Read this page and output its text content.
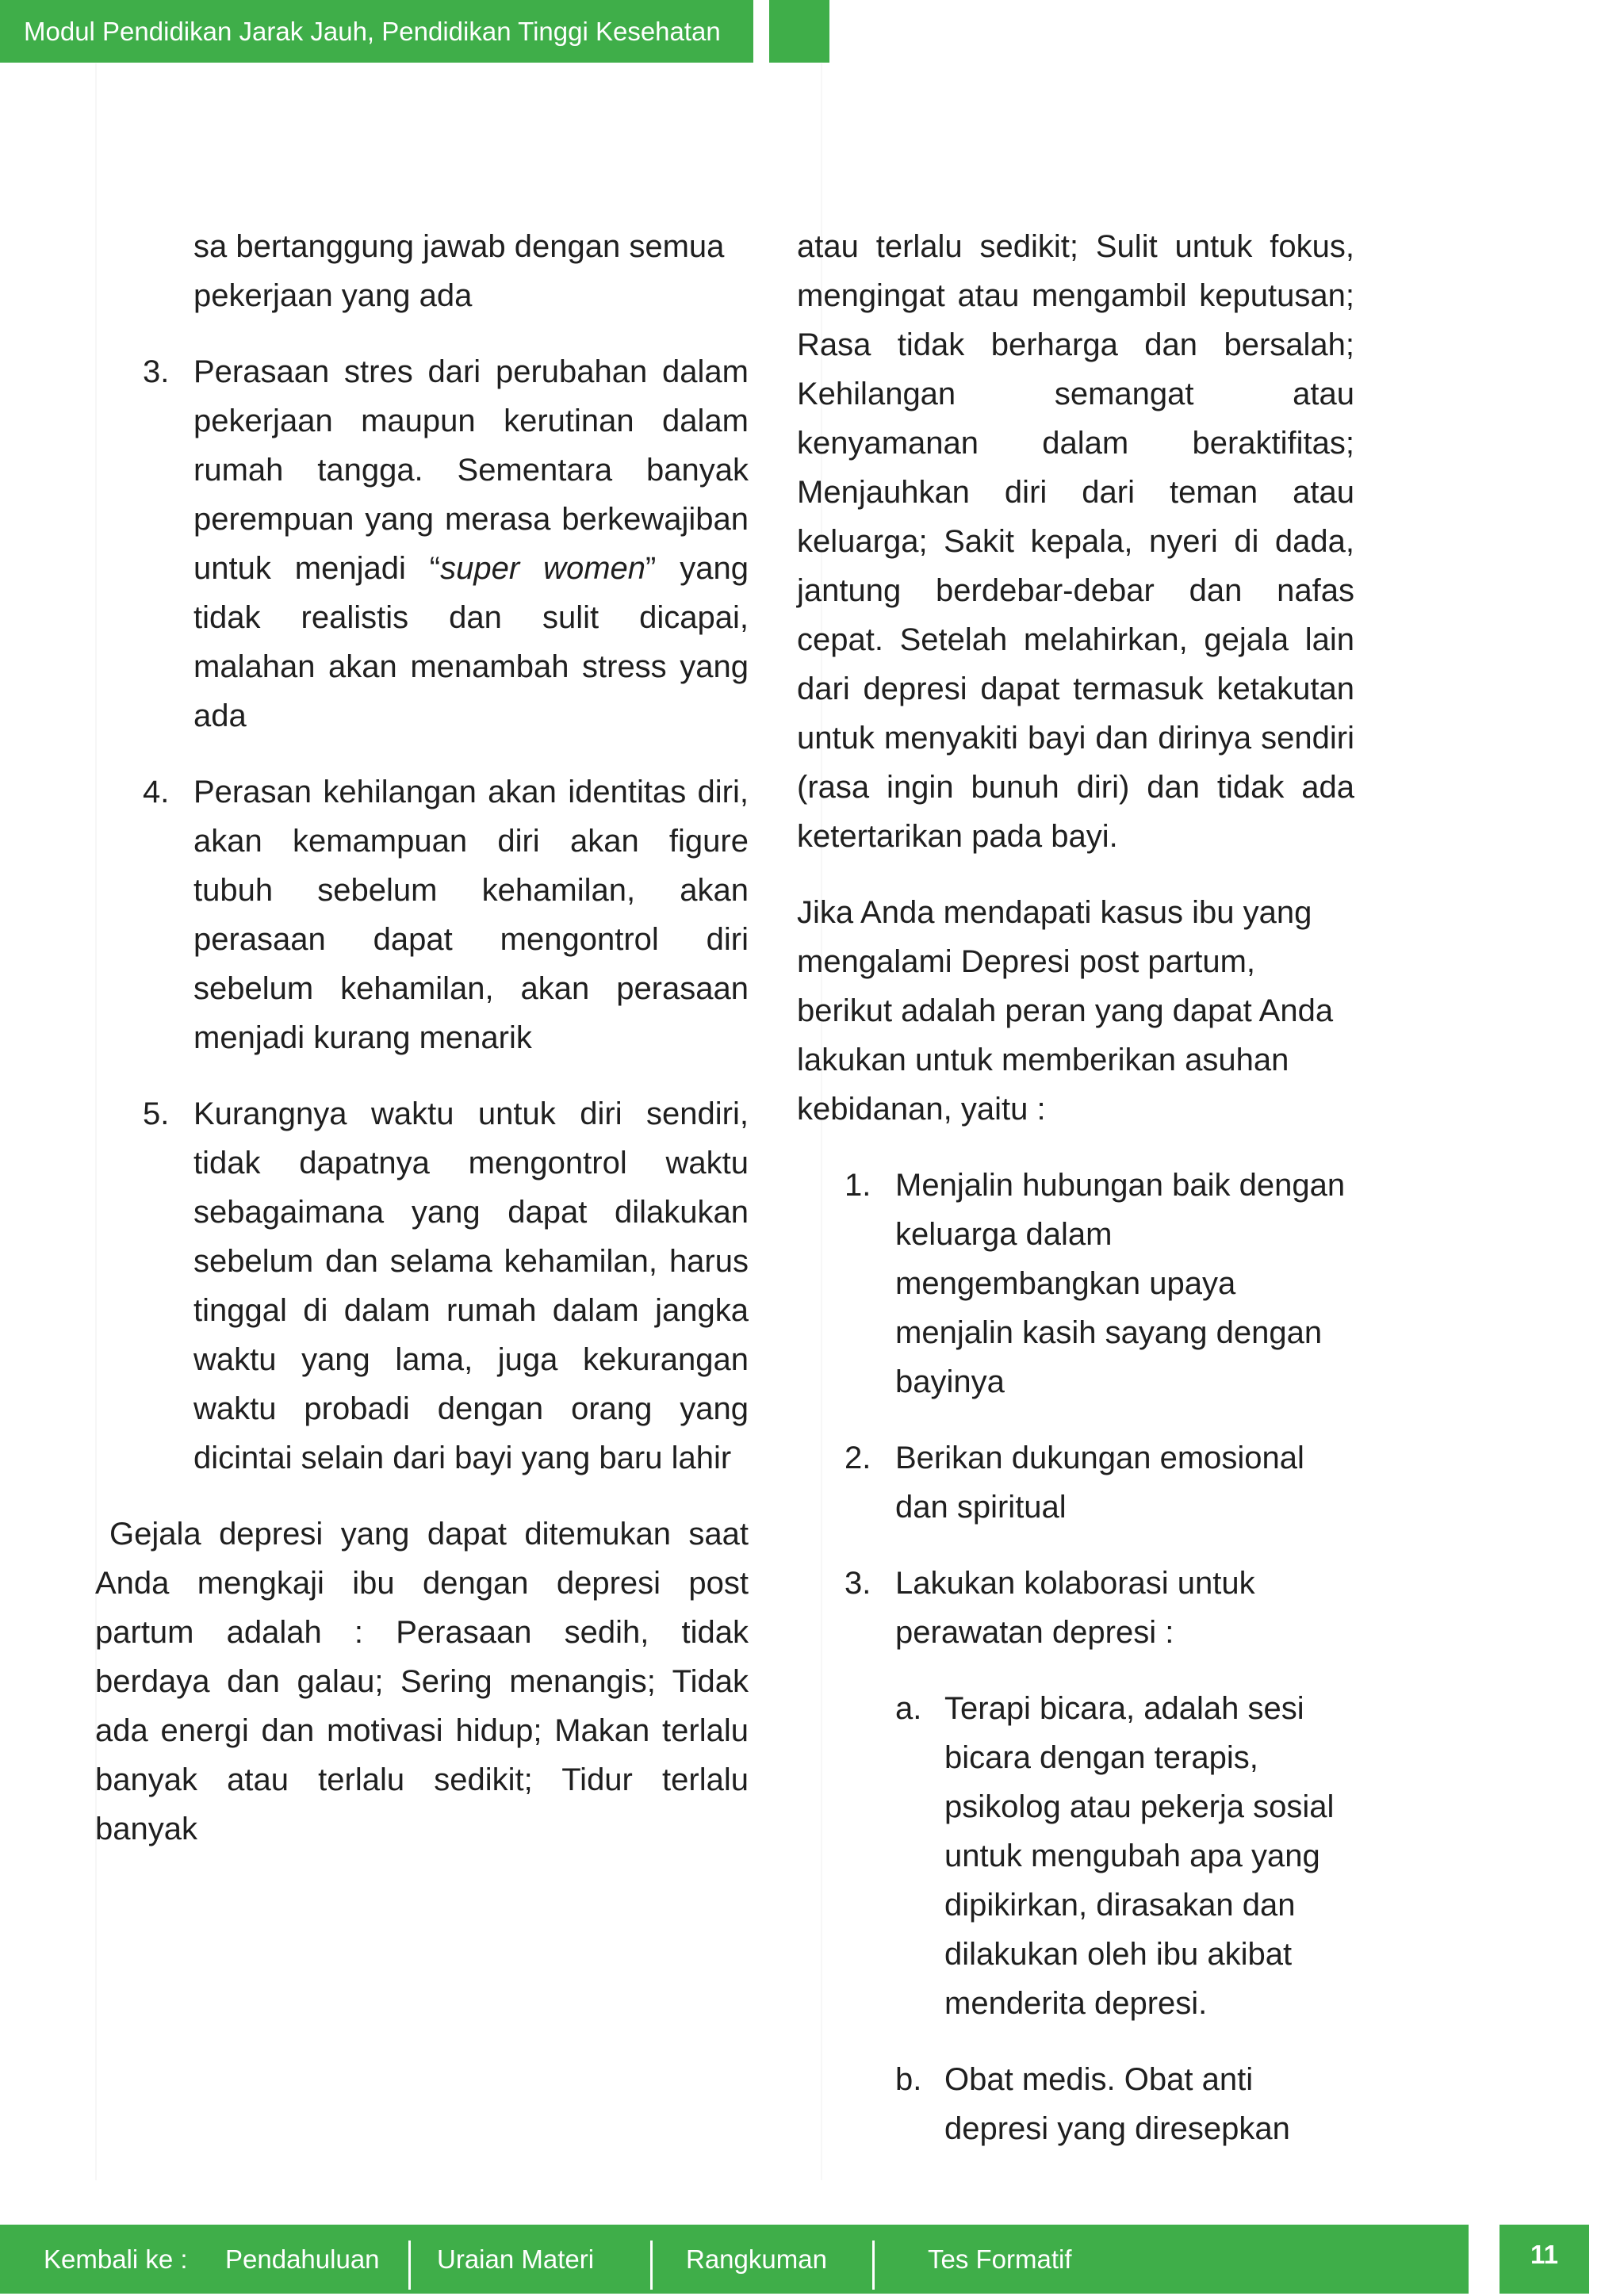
Modul Pendidikan Jarak Jauh, Pendidikan Tinggi Kesehatan

sa bertanggung jawab dengan semua pekerjaan yang ada

3. Perasaan stres dari perubahan dalam pekerjaan maupun kerutinan dalam rumah tangga. Sementara banyak perempuan yang merasa berkewajiban untuk menjadi “super women” yang tidak realistis dan sulit dicapai, malahan akan menambah stress yang ada
4. Perasan kehilangan akan identitas diri, akan kemampuan diri akan figure tubuh sebelum kehamilan, akan perasaan dapat mengontrol diri sebelum kehamilan, akan perasaan menjadi kurang menarik
5. Kurangnya waktu untuk diri sendiri, tidak dapatnya mengontrol waktu sebagaimana yang dapat dilakukan sebelum dan selama kehamilan, harus tinggal di dalam rumah dalam jangka waktu yang lama, juga kekurangan waktu probadi dengan orang yang dicintai selain dari bayi yang baru lahir

Gejala depresi yang dapat ditemukan saat Anda mengkaji ibu dengan depresi post partum adalah : Perasaan sedih, tidak berdaya dan galau; Sering menangis; Tidak ada energi dan motivasi hidup; Makan terlalu banyak atau terlalu sedikit; Tidur terlalu banyak

atau terlalu sedikit; Sulit untuk fokus, mengingat atau mengambil keputusan; Rasa tidak berharga dan bersalah; Kehilangan semangat atau kenyamanan dalam beraktifitas; Menjauhkan diri dari teman atau keluarga; Sakit kepala, nyeri di dada, jantung berdebar-debar dan nafas cepat. Setelah melahirkan, gejala lain dari depresi dapat termasuk ketakutan untuk menyakiti bayi dan dirinya sendiri (rasa ingin bunuh diri) dan tidak ada ketertarikan pada bayi.

Jika Anda mendapati kasus ibu yang mengalami Depresi post partum, berikut adalah peran yang dapat Anda lakukan untuk memberikan asuhan kebidanan, yaitu :

1. Menjalin hubungan baik dengan keluarga dalam mengembangkan upaya menjalin kasih sayang dengan bayinya
2. Berikan dukungan emosional dan spiritual
3. Lakukan kolaborasi untuk perawatan depresi :
a. Terapi bicara, adalah sesi bicara dengan terapis, psikolog atau pekerja sosial untuk mengubah apa yang dipikirkan, dirasakan dan dilakukan oleh ibu akibat menderita depresi.
b. Obat medis. Obat anti depresi yang diresepkan
Kembali ke : Pendahuluan Uraian Materi	Rangkuman	Tes Formatif	11
